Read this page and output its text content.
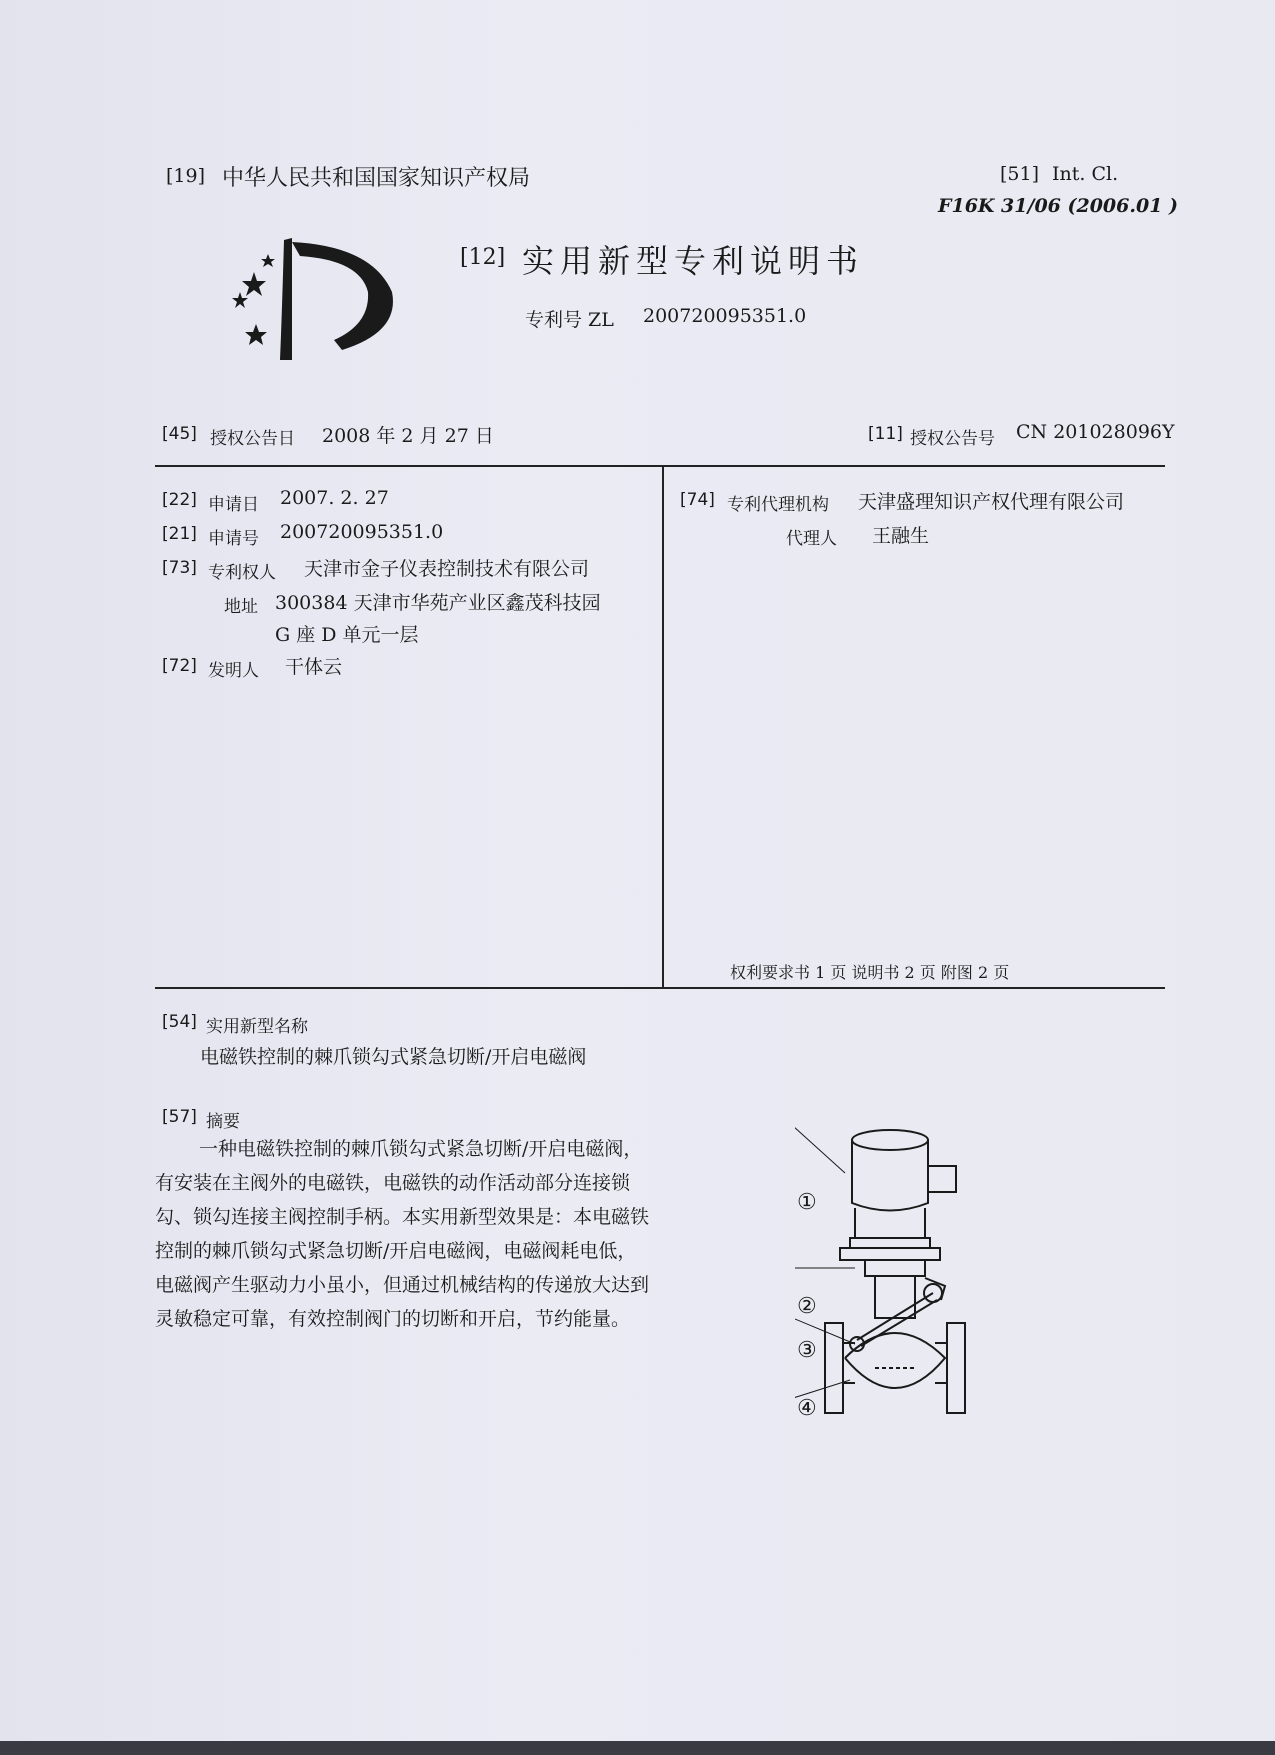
[19] 中华人民共和国国家知识产权局	[51] Int. Cl.
F16K 31/06 (2006.01 )
[12] 实用新型专利说明书
专利号 ZL 200720095351.0
[45] 授权公告日 2008 年 2 月 27 日	[11] 授权公告号 CN 201028096Y
[22] 申请日 2007. 2. 27
[21] 申请号 200720095351.0
[73] 专利权人 天津市金子仪表控制技术有限公司
地址 300384 天津市华苑产业区鑫茂科技园
G 座 D 单元一层
[72] 发明人 干体云
[74] 专利代理机构 天津盛理知识产权代理有限公司
代理人 王融生
权利要求书 1 页 说明书 2 页 附图 2 页
[54] 实用新型名称
电磁铁控制的棘爪锁勾式紧急切断/开启电磁阀
[57] 摘要
一种电磁铁控制的棘爪锁勾式紧急切断/开启电磁阀，有安装在主阀外的电磁铁，电磁铁的动作活动部分连接锁勾、锁勾连接主阀控制手柄。本实用新型效果是：本电磁铁控制的棘爪锁勾式紧急切断/开启电磁阀，电磁阀耗电低，电磁阀产生驱动力小虽小，但通过机械结构的传递放大达到灵敏稳定可靠，有效控制阀门的切断和开启，节约能量。
①
②
③
④
